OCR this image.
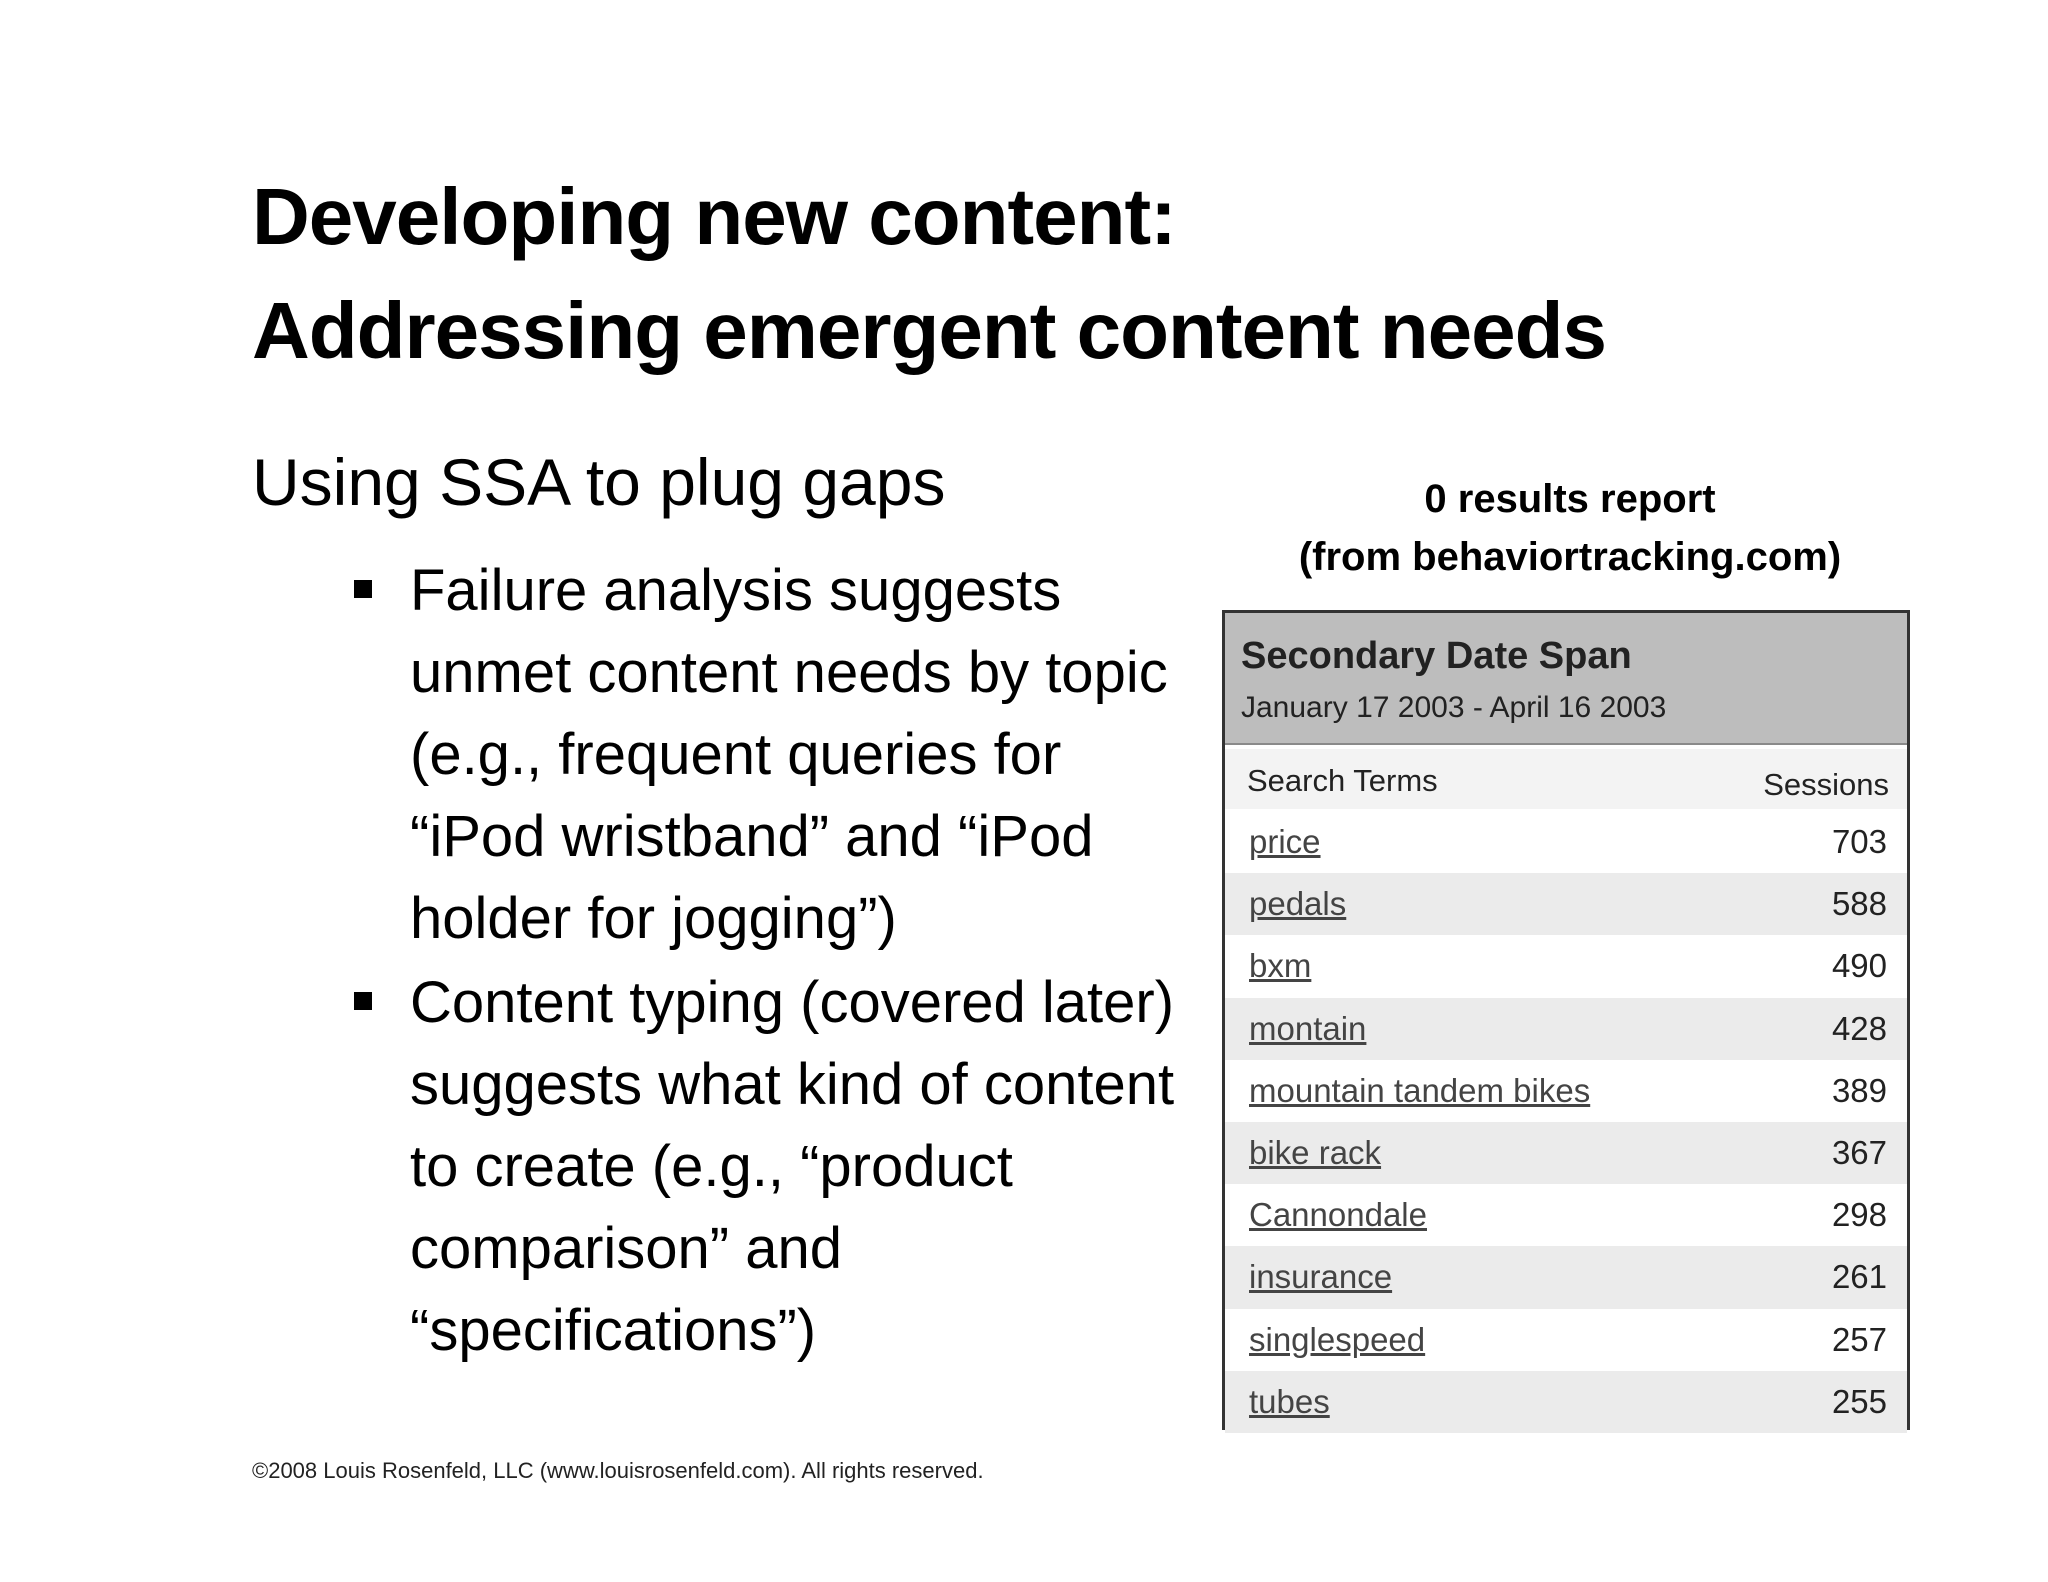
Developing new content:
Addressing emergent content needs
Using SSA to plug gaps
Failure analysis suggests unmet content needs by topic (e.g., frequent queries for “iPod wristband” and “iPod holder for jogging”)
Content typing (covered later) suggests what kind of content to create (e.g., “product comparison” and “specifications”)
0 results report
(from behaviortracking.com)
Secondary Date Span
January 17 2003 - April 16 2003
Search Terms	Sessions
price	703
pedals	588
bxm	490
montain	428
mountain tandem bikes	389
bike rack	367
Cannondale	298
insurance	261
singlespeed	257
tubes	255
©2008 Louis Rosenfeld, LLC (www.louisrosenfeld.com). All rights reserved.
